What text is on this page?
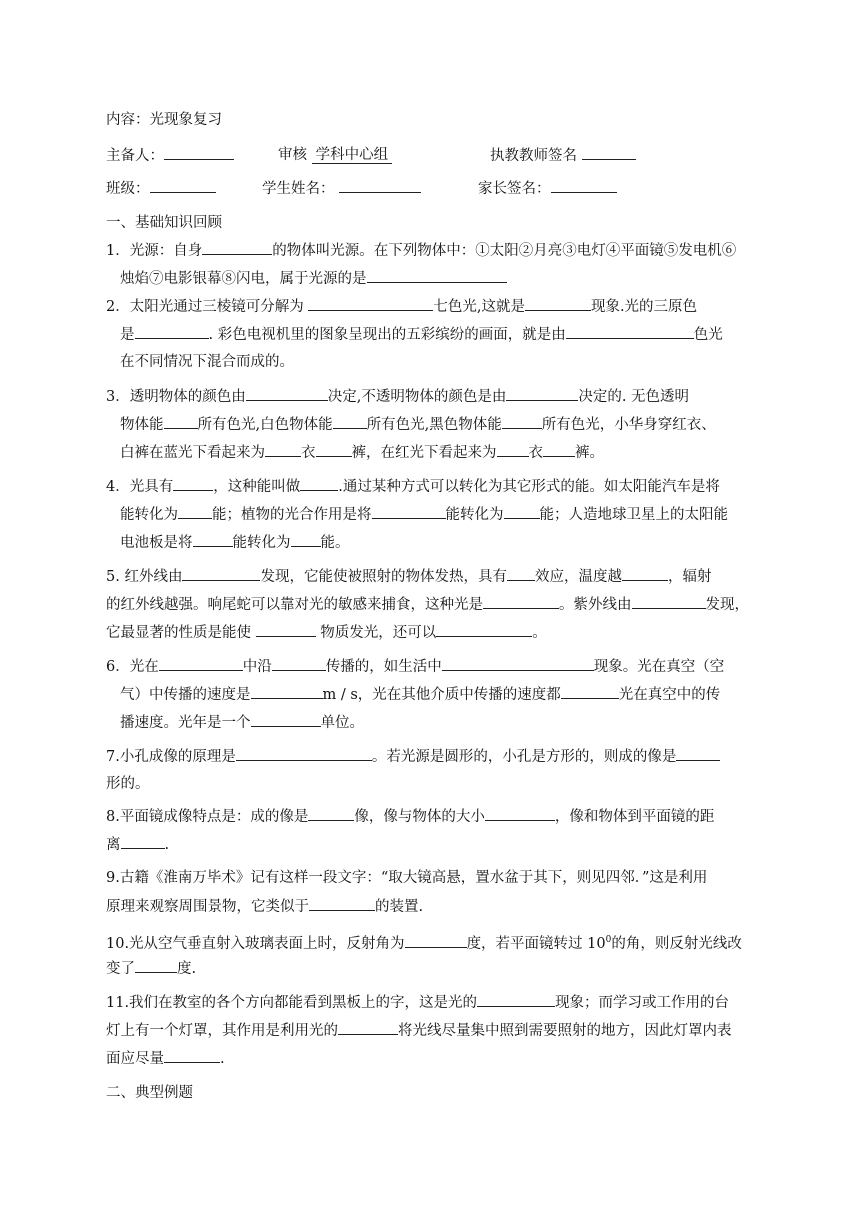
内容：光现象复习
主备人：	审核 学科中心组	执教教师签名
班级：	学生姓名：	家长签名：
一、基础知识回顾
1．光源：自身	的物体叫光源。在下列物体中：①太阳②月亮③电灯④平面镜⑤发电机⑥
烛焰⑦电影银幕⑧闪电，属于光源的是
2．太阳光通过三棱镜可分解为	七色光,这就是	现象.光的三原色
是	. 彩色电视机里的图象呈现出的五彩缤纷的画面，就是由	色光
在不同情况下混合而成的。
3．透明物体的颜色由	决定,不透明物体的颜色是由	决定的. 无色透明
物体能 所有色光,白色物体能 所有色光,黑色物体能	所有色光，小华身穿红衣、
白裤在蓝光下看起来为 衣 裤，在红光下看起来为 衣 裤。
4．光具有	，这种能叫做	.通过某种方式可以转化为其它形式的能。如太阳能汽车是将
能转化为 能；植物的光合作用是将	能转化为 能；人造地球卫星上的太阳能
电池板是将	能转化为 能。
5. 红外线由	发现，它能使被照射的物体发热，具有 效应，温度越	，辐射
的红外线越强。响尾蛇可以靠对光的敏感来捕食，这种光是	。紫外线由	发现，
它最显著的性质是能使	物质发光，还可以	。
6．光在	中沿	传播的，如生活中	现象。光在真空（空
气）中传播的速度是	m / s，光在其他介质中传播的速度都	光在真空中的传
播速度。光年是一个	单位。
7.小孔成像的原理是	。若光源是圆形的，小孔是方形的，则成的像是
形的。
8.平面镜成像特点是：成的像是	像，像与物体的大小	，像和物体到平面镜的距
离	.
9.古籍《淮南万毕术》记有这样一段文字：“取大镜高悬，置水盆于其下，则见四邻．”这是利用
原理来观察周围景物，它类似于	的装置.
10.光从空气垂直射入玻璃表面上时，反射角为	度，若平面镜转过 $10^0$的角，则反射光线改
变了	度.
11.我们在教室的各个方向都能看到黑板上的字，这是光的	现象；而学习或工作用的台
灯上有一个灯罩，其作用是利用光的	将光线尽量集中照到需要照射的地方，因此灯罩内表
面应尽量	.
二、典型例题
